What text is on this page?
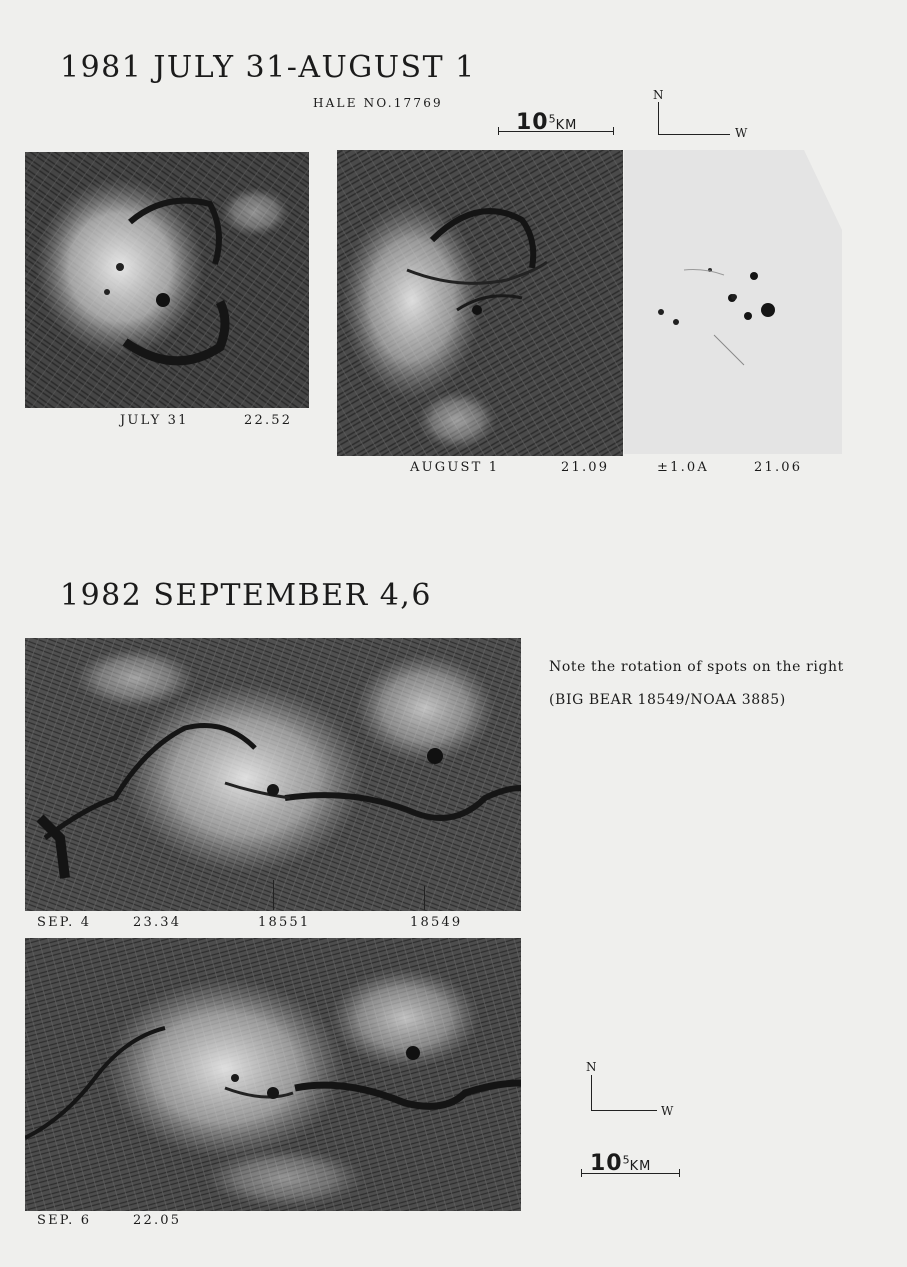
1981 JULY 31-AUGUST 1
HALE NO.17769
$10^5KM$
N
W
JULY 31	22.52
AUGUST 1	21.09	±1.0A	21.06
1982 SEPTEMBER 4,6
Note the rotation of spots on the right
(BIG BEAR 18549/NOAA 3885)
SEP. 4	23.34	18551	18549
SEP. 6	22.05
N
W
$10^5KM$
